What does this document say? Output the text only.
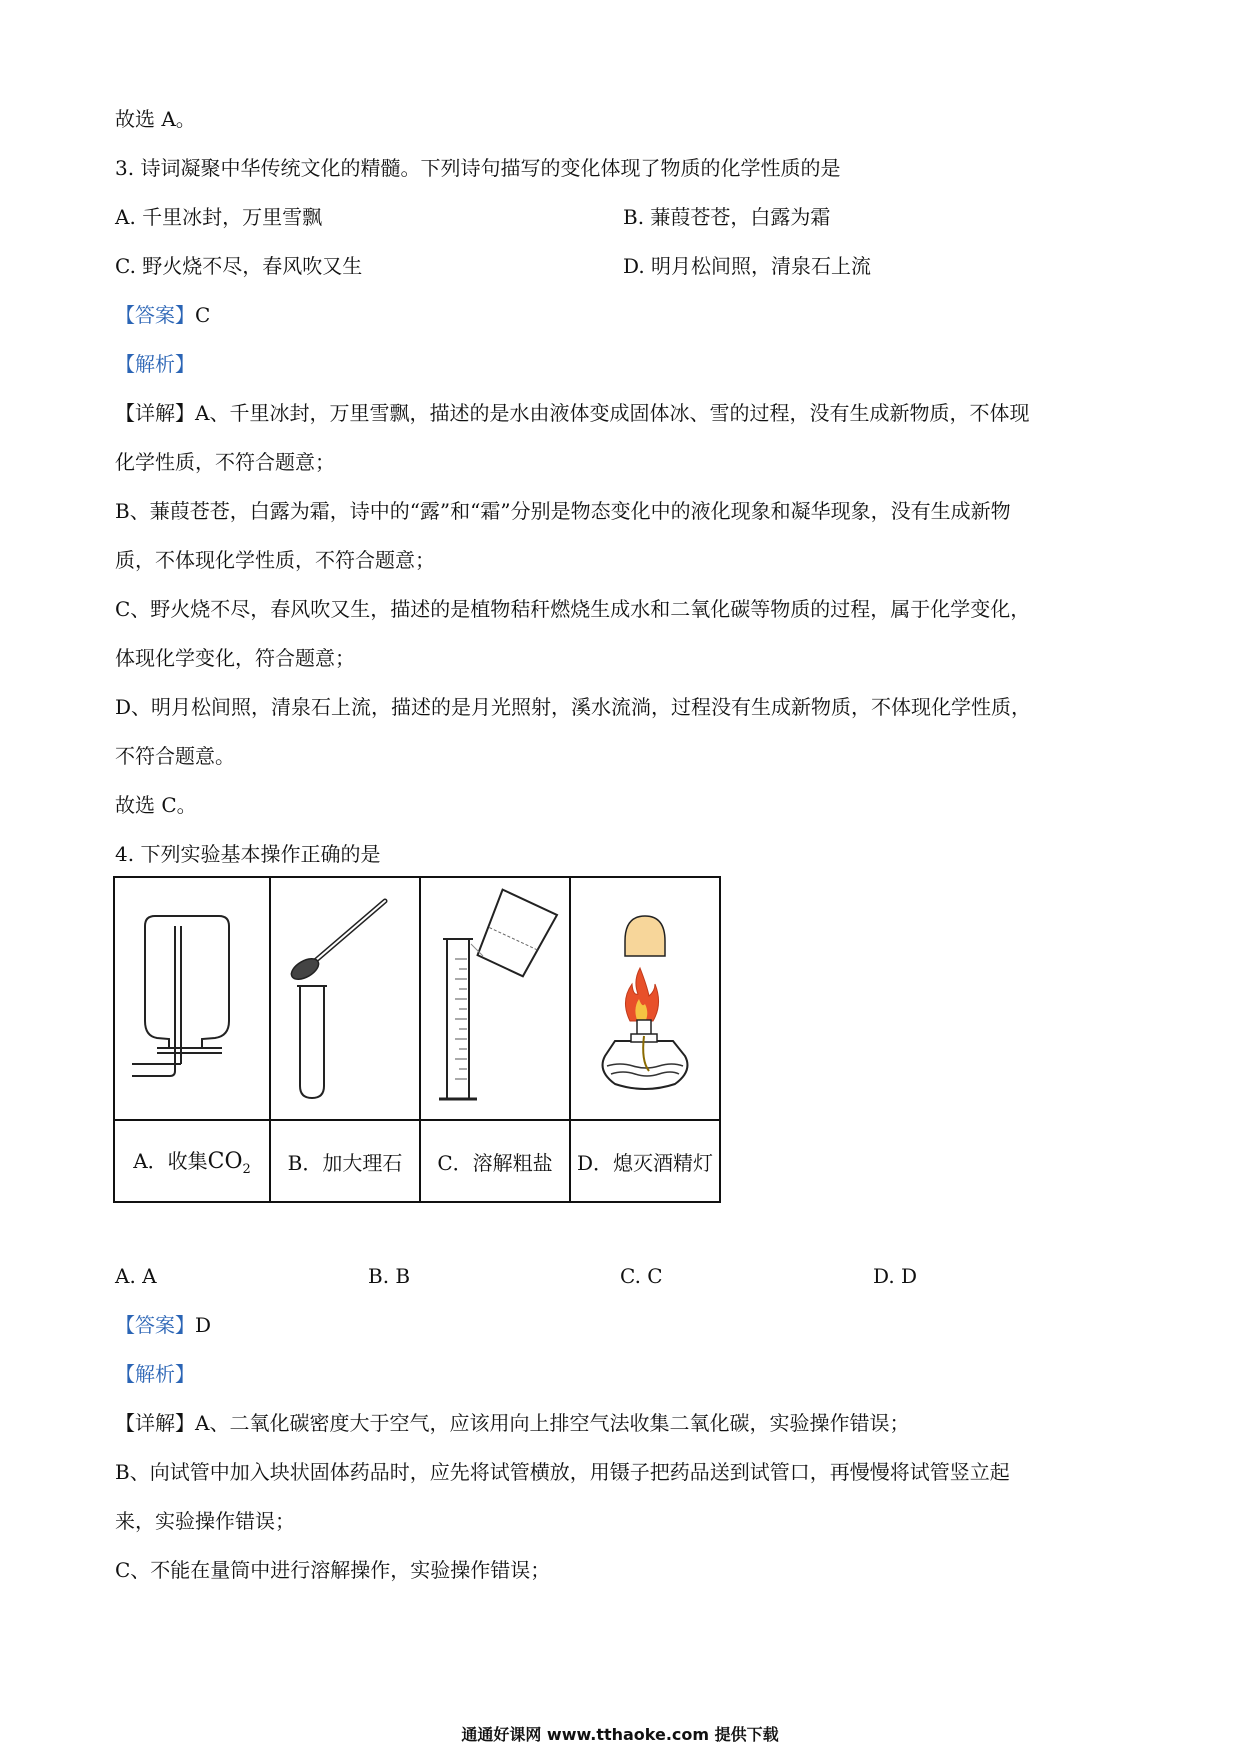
故选 A。
3. 诗词凝聚中华传统文化的精髓。下列诗句描写的变化体现了物质的化学性质的是
A. 千里冰封，万里雪飘	B. 蒹葭苍苍，白露为霜
C. 野火烧不尽，春风吹又生	D. 明月松间照，清泉石上流
【答案】C
【解析】
【详解】A、千里冰封，万里雪飘，描述的是水由液体变成固体冰、雪的过程，没有生成新物质，不体现
化学性质，不符合题意；
B、蒹葭苍苍，白露为霜，诗中的“露”和“霜”分别是物态变化中的液化现象和凝华现象，没有生成新物
质，不体现化学性质，不符合题意；
C、野火烧不尽，春风吹又生，描述的是植物秸秆燃烧生成水和二氧化碳等物质的过程，属于化学变化，
体现化学变化，符合题意；
D、明月松间照，清泉石上流，描述的是月光照射，溪水流淌，过程没有生成新物质，不体现化学性质，
不符合题意。
故选 C。
4. 下列实验基本操作正确的是

A．收集$CO_2$	B．加大理石	C．溶解粗盐	D．熄灭酒精灯
A. A	B. B	C. C	D. D
【答案】D
【解析】
【详解】A、二氧化碳密度大于空气，应该用向上排空气法收集二氧化碳，实验操作错误；
B、向试管中加入块状固体药品时，应先将试管横放，用镊子把药品送到试管口，再慢慢将试管竖立起
来，实验操作错误；
C、不能在量筒中进行溶解操作，实验操作错误；
通通好课网 www.tthaoke.com 提供下载
